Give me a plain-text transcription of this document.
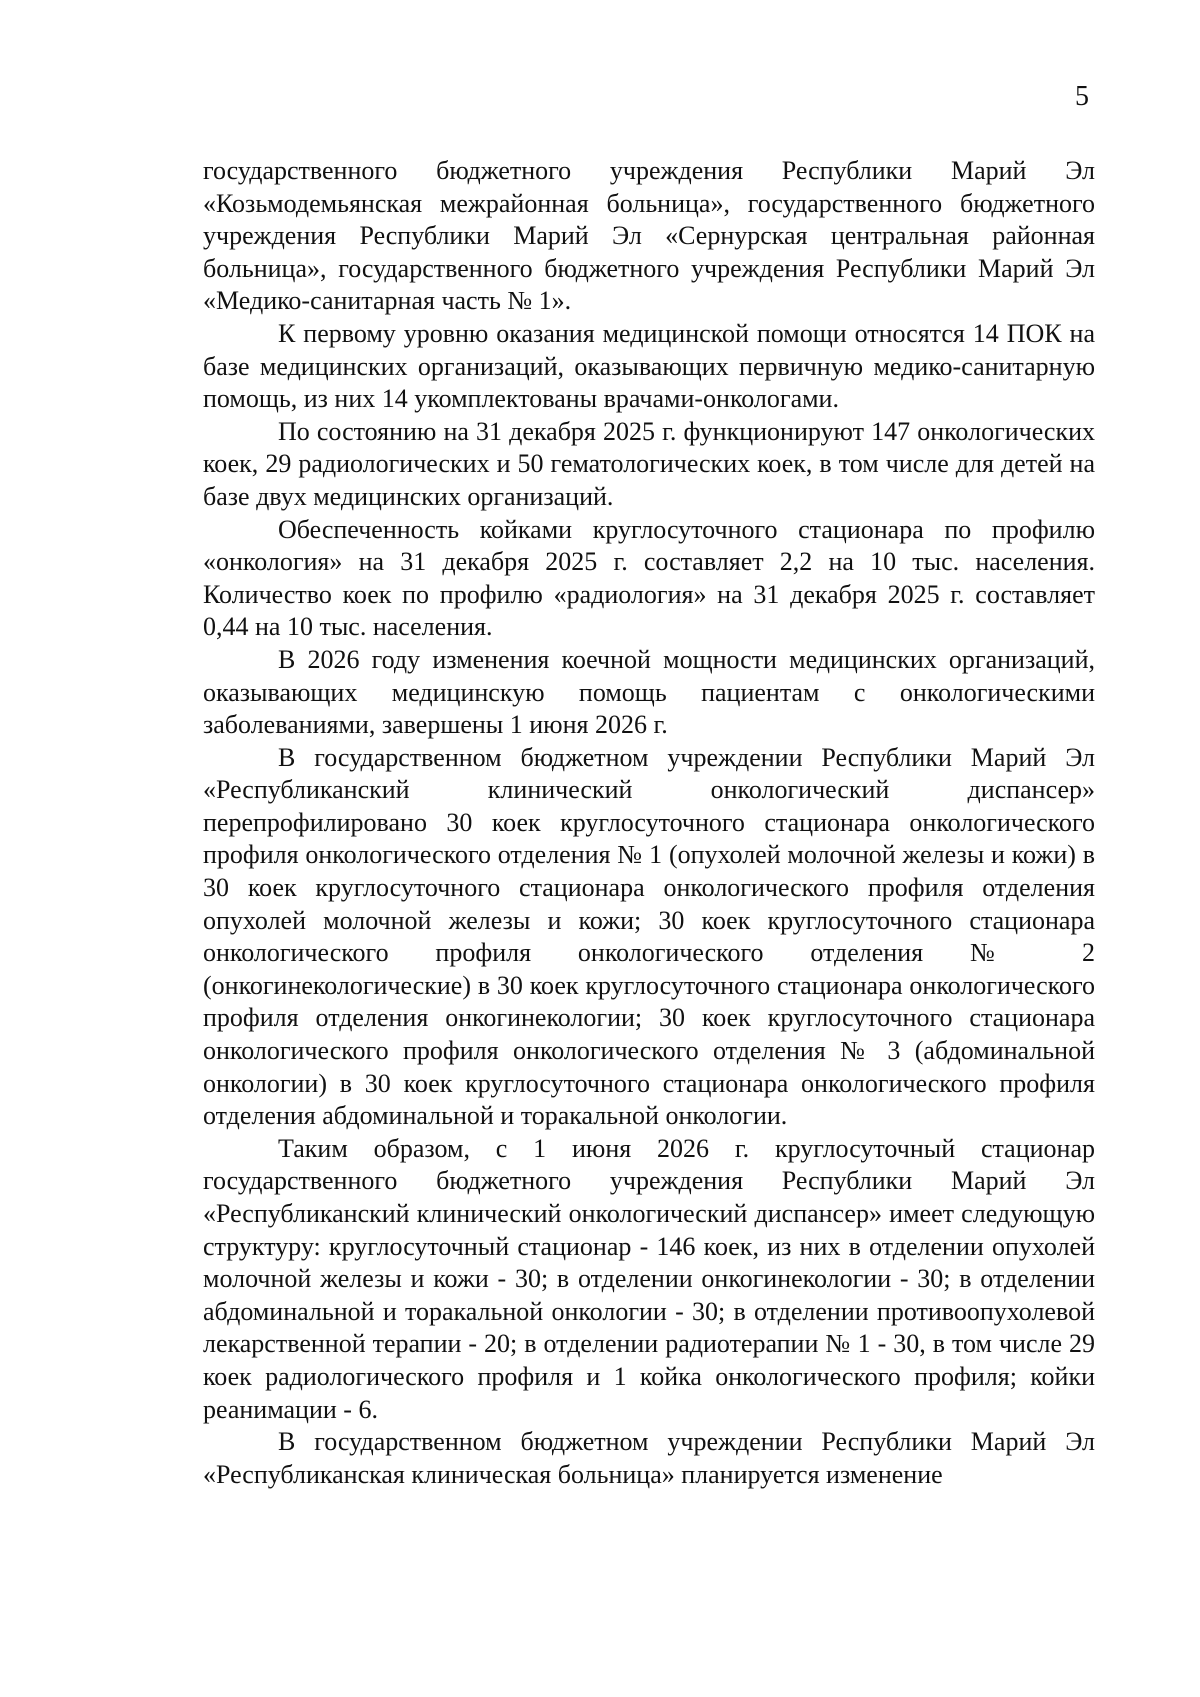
5

государственного бюджетного учреждения Республики Марий Эл «Козьмодемьянская межрайонная больница», государственного бюджетного учреждения Республики Марий Эл «Сернурская центральная районная больница», государственного бюджетного учреждения Республики Марий Эл «Медико-санитарная часть № 1».

К первому уровню оказания медицинской помощи относятся 14 ПОК на базе медицинских организаций, оказывающих первичную медико-санитарную помощь, из них 14 укомплектованы врачами-онкологами.

По состоянию на 31 декабря 2025 г. функционируют 147 онкологических коек, 29 радиологических и 50 гематологических коек, в том числе для детей на базе двух медицинских организаций.

Обеспеченность койками круглосуточного стационара по профилю «онкология» на 31 декабря 2025 г. составляет 2,2 на 10 тыс. населения. Количество коек по профилю «радиология» на 31 декабря 2025 г. составляет 0,44 на 10 тыс. населения.

В 2026 году изменения коечной мощности медицинских организаций, оказывающих медицинскую помощь пациентам с онкологическими заболеваниями, завершены 1 июня 2026 г.

В государственном бюджетном учреждении Республики Марий Эл «Республиканский клинический онкологический диспансер» перепрофилировано 30 коек круглосуточного стационара онкологического профиля онкологического отделения № 1 (опухолей молочной железы и кожи) в 30 коек круглосуточного стационара онкологического профиля отделения опухолей молочной железы и кожи; 30 коек круглосуточного стационара онкологического профиля онкологического отделения № 2 (онкогинекологические) в 30 коек круглосуточного стационара онкологического профиля отделения онкогинекологии; 30 коек круглосуточного стационара онкологического профиля онкологического отделения № 3 (абдоминальной онкологии) в 30 коек круглосуточного стационара онкологического профиля отделения абдоминальной и торакальной онкологии.

Таким образом, с 1 июня 2026 г. круглосуточный стационар государственного бюджетного учреждения Республики Марий Эл «Республиканский клинический онкологический диспансер» имеет следующую структуру: круглосуточный стационар - 146 коек, из них в отделении опухолей молочной железы и кожи - 30; в отделении онкогинекологии - 30; в отделении абдоминальной и торакальной онкологии - 30; в отделении противоопухолевой лекарственной терапии - 20; в отделении радиотерапии № 1 - 30, в том числе 29 коек радиологического профиля и 1 койка онкологического профиля; койки реанимации - 6.

В государственном бюджетном учреждении Республики Марий Эл «Республиканская клиническая больница» планируется изменение
